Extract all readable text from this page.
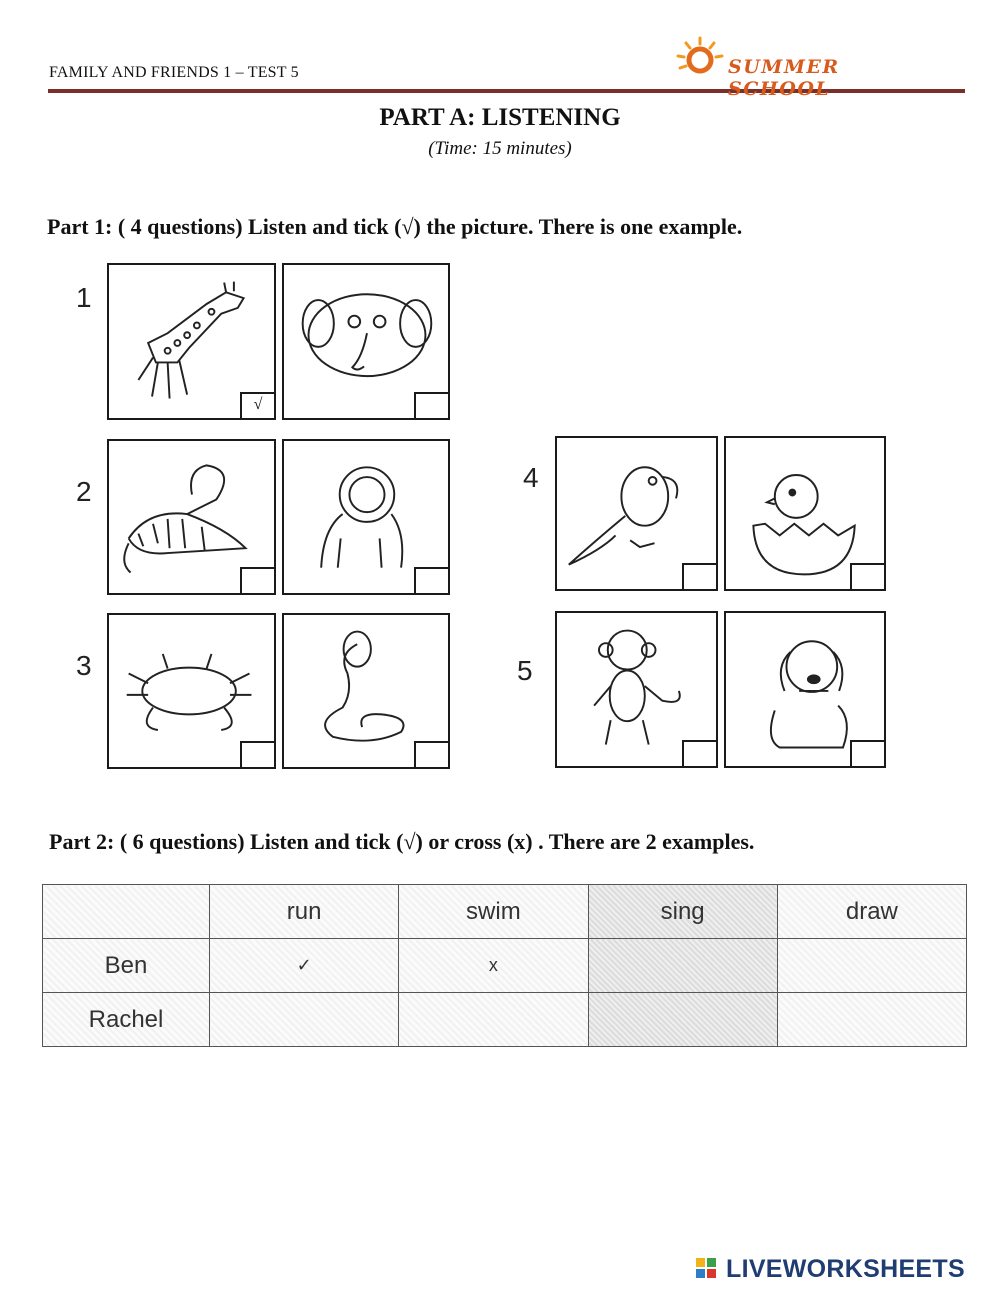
FAMILY AND FRIENDS 1 – TEST 5	SUMMER SCHOOL
PART A: LISTENING
(Time: 15 minutes)
Part 1: ( 4 questions) Listen and tick (√) the picture. There is one example.
1
2
3
4
5
√
Part 2: ( 6 questions) Listen and tick (√) or cross (x) . There are 2 examples.
	run	swim	sing	draw
Ben	✓	x		
Rachel				
LIVEWORKSHEETS
